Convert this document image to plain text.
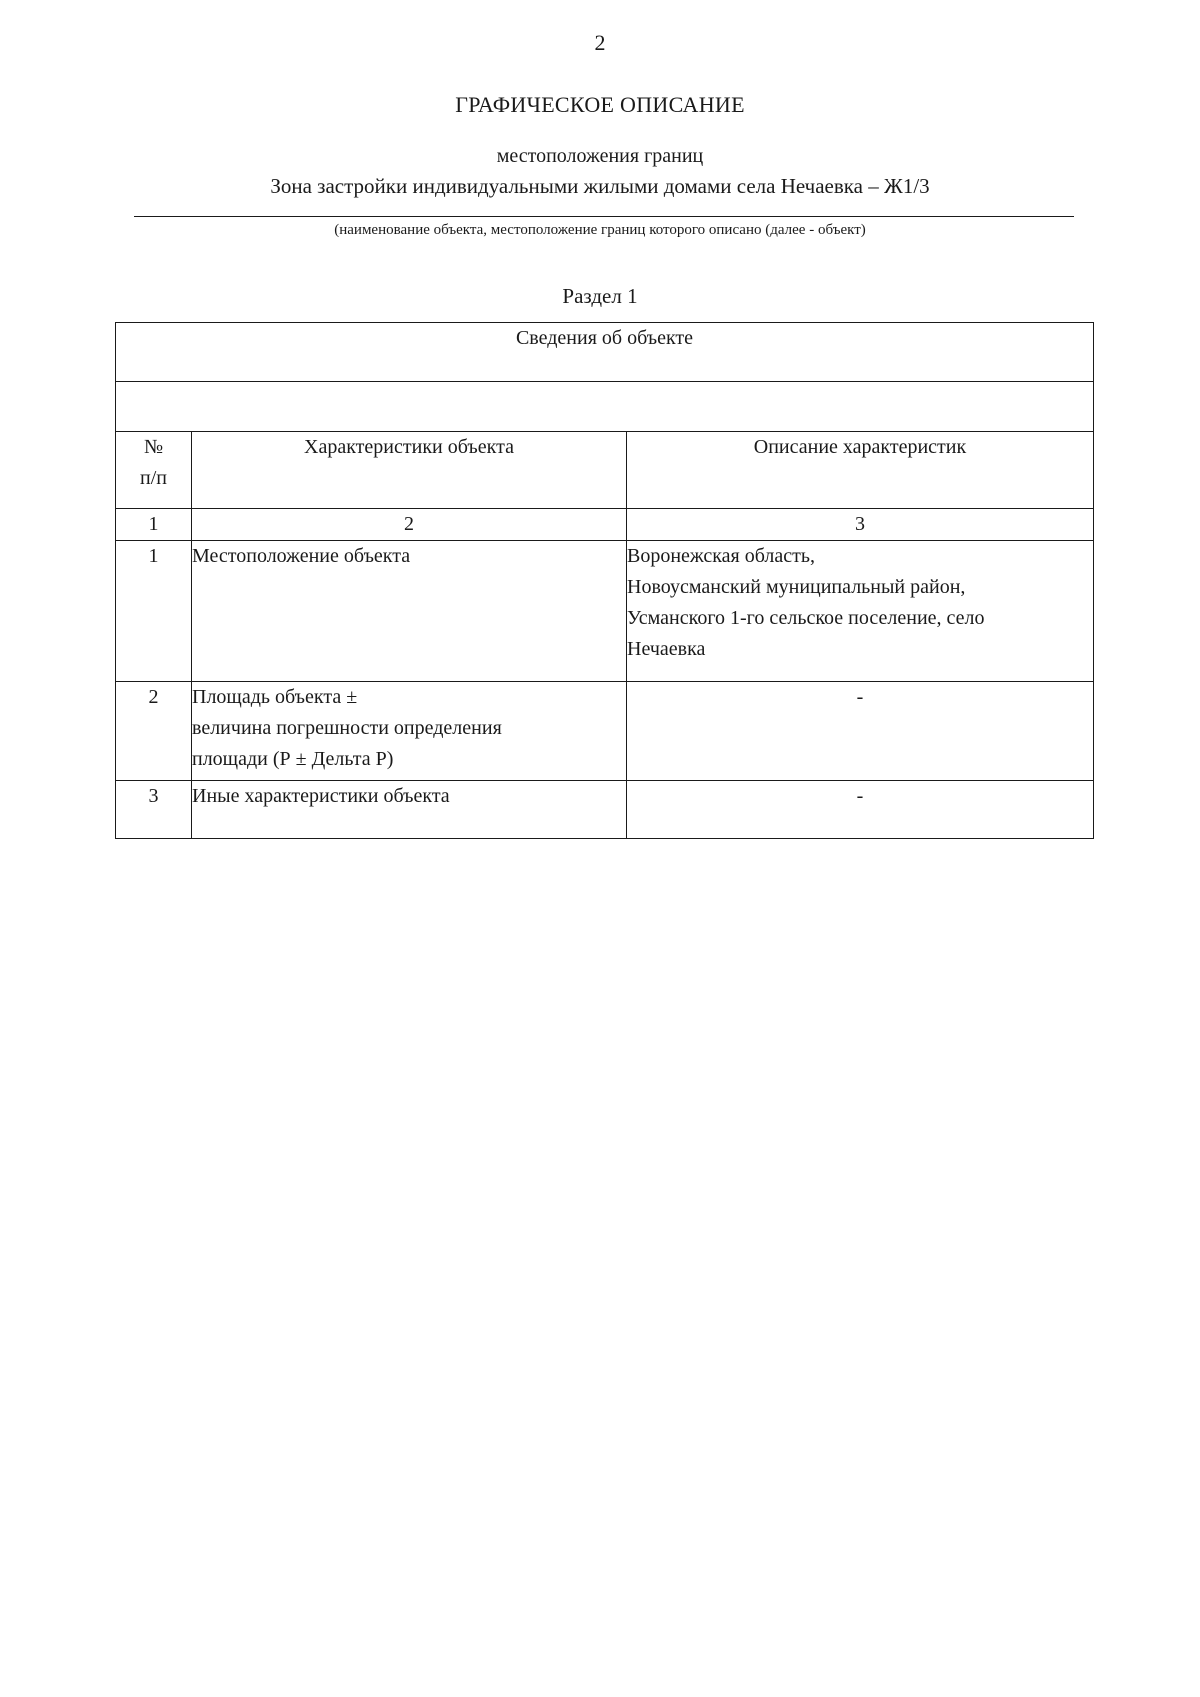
2
ГРАФИЧЕСКОЕ ОПИСАНИЕ
местоположения границ
Зона застройки индивидуальными жилыми домами села Нечаевка – Ж1/3
(наименование объекта, местоположение границ которого описано (далее - объект)
Раздел 1
Сведения об объекте		

№
п/п	Характеристики объекта	Описание характеристик
1	2	3
1	Местоположение объекта	Воронежская область,
Новоусманский муниципальный район,
Усманского 1-го сельское поселение, село
Нечаевка

2	Площадь объекта ±
величина погрешности определения
площади (Р ± Дельта Р)	-
3	Иные характеристики объекта	-
